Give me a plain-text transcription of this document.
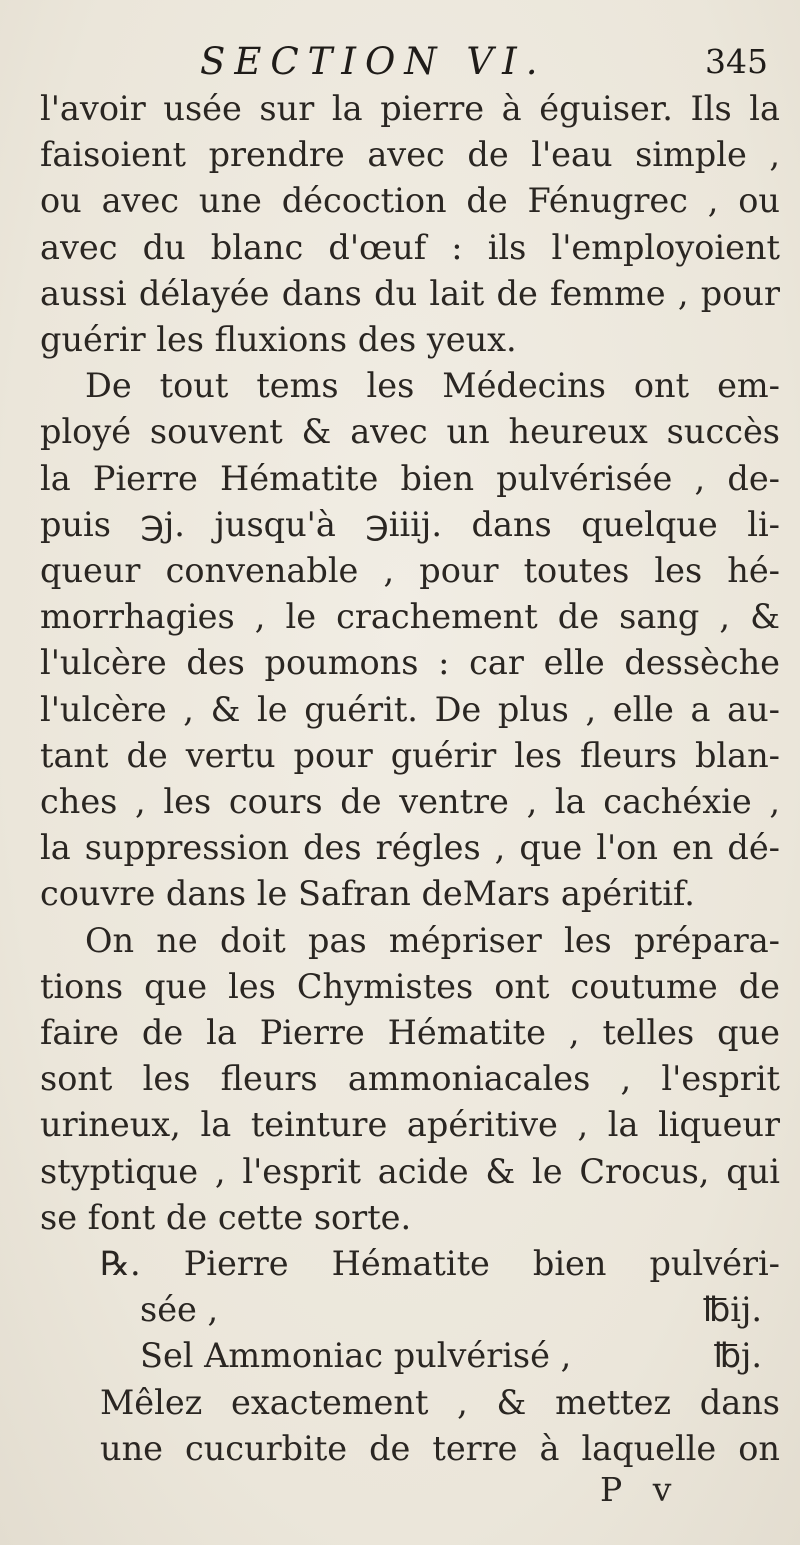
SECTION VI.	345
l'avoir usée sur la pierre à éguiser. Ils la
faisoient prendre avec de l'eau simple ,
ou avec une décoction de Fénugrec , ou
avec du blanc d'œuf : ils l'employoient
aussi délayée dans du lait de femme , pour
guérir les fluxions des yeux.
De tout tems les Médecins ont em-
ployé souvent & avec un heureux succès
la Pierre Hématite bien pulvérisée , de-
puis ℈j. jusqu'à ℈iiij. dans quelque li-
queur convenable , pour toutes les hé-
morrhagies , le crachement de sang , &
l'ulcère des poumons : car elle dessèche
l'ulcère , & le guérit. De plus , elle a au-
tant de vertu pour guérir les fleurs blan-
ches , les cours de ventre , la cachéxie ,
la suppression des régles , que l'on en dé-
couvre dans le Safran deMars apéritif.
On ne doit pas mépriser les prépara-
tions que les Chymistes ont coutume de
faire de la Pierre Hématite , telles que
sont les fleurs ammoniacales , l'esprit
urineux, la teinture apéritive , la liqueur
styptique , l'esprit acide & le Crocus, qui
se font de cette sorte.
℞. Pierre Hématite bien pulvéri-
sée ,	℔ij.
Sel Ammoniac pulvérisé ,	℔j.
Mêlez exactement , & mettez dans
une cucurbite de terre à laquelle on
P v
